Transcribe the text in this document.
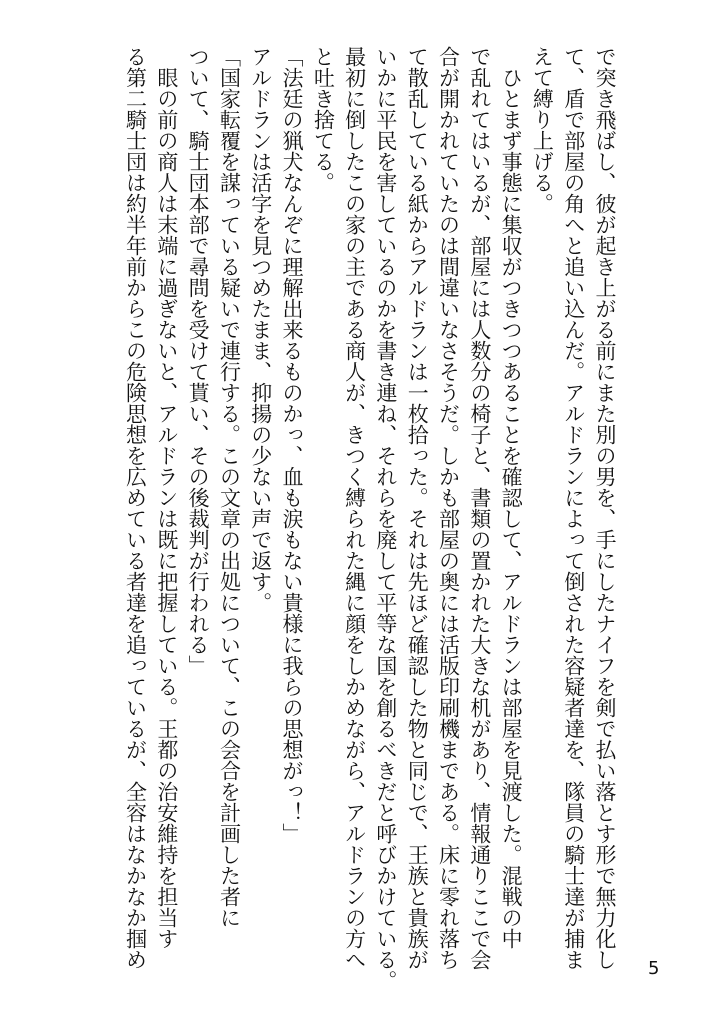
で突き飛ばし、彼が起き上がる前にまた別の男を、手にしたナイフを剣で払い落とす形で無力化し
て、盾で部屋の角へと追い込んだ。アルドランによって倒された容疑者達を、隊員の騎士達が捕ま
えて縛り上げる。
　ひとまず事態に集収がつきつつあることを確認して、アルドランは部屋を見渡した。混戦の中
で乱れてはいるが、部屋には人数分の椅子と、書類の置かれた大きな机があり、情報通りここで会
合が開かれていたのは間違いなさそうだ。しかも部屋の奥には活版印刷機まである。床に零れ落ち
て散乱している紙からアルドランは一枚拾った。それは先ほど確認した物と同じで、王族と貴族が
いかに平民を害しているのかを書き連ね、それらを廃して平等な国を創るべきだと呼びかけている。
最初に倒したこの家の主である商人が、きつく縛られた縄に顔をしかめながら、アルドランの方へ
と吐き捨てる。
「法廷の猟犬なんぞに理解出来るものかっ、血も涙もない貴様に我らの思想がっ！」
アルドランは活字を見つめたまま、抑揚の少ない声で返す。
「国家転覆を謀っている疑いで連行する。この文章の出処について、この会合を計画した者に
ついて、騎士団本部で尋問を受けて貰い、その後裁判が行われる」
　眼の前の商人は末端に過ぎないと、アルドランは既に把握している。王都の治安維持を担当す
る第二騎士団は約半年前からこの危険思想を広めている者達を追っているが、全容はなかなか掴め	5
